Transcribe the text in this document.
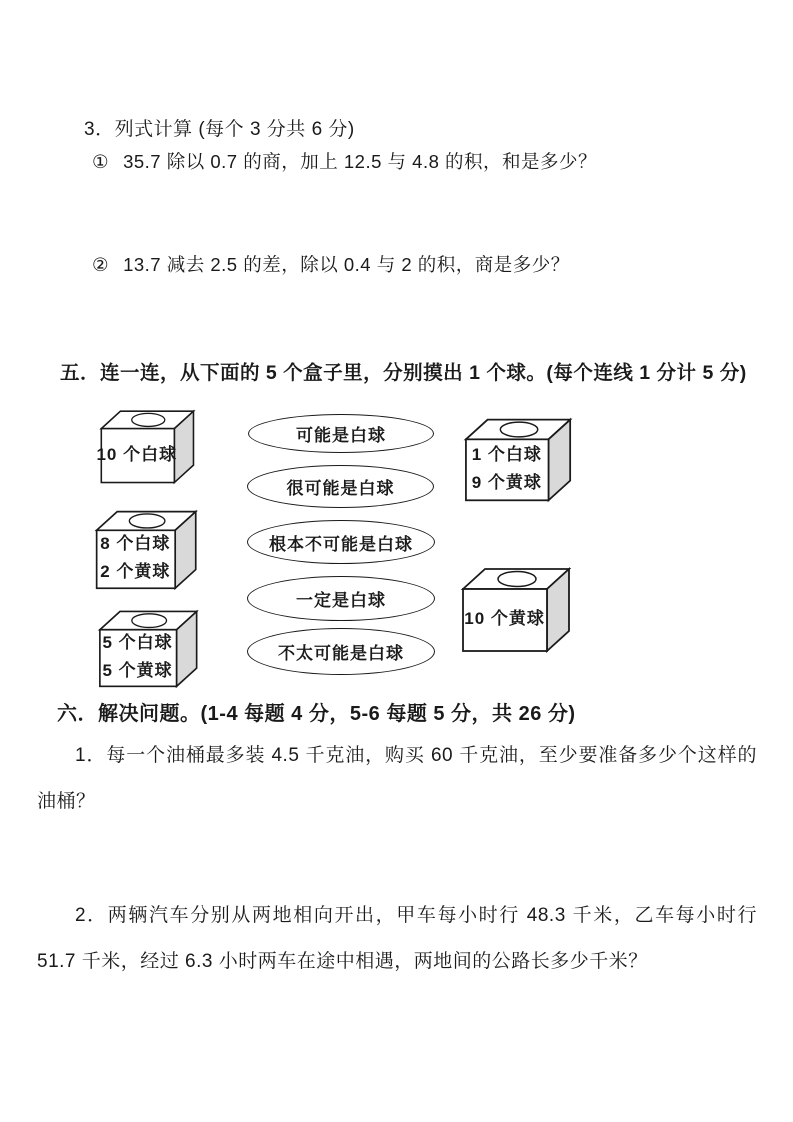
3．列式计算 (每个 3 分共 6 分)
① 35.7 除以 0.7 的商，加上 12.5 与 4.8 的积，和是多少？
② 13.7 减去 2.5 的差，除以 0.4 与 2 的积，商是多少？
五．连一连，从下面的 5 个盒子里，分别摸出 1 个球。(每个连线 1 分计 5 分)
10 个白球
8 个白球
2 个黄球
5 个白球
5 个黄球
1 个白球
9 个黄球
10 个黄球
可能是白球
很可能是白球
根本不可能是白球
一定是白球
不太可能是白球
六．解决问题。(1-4 每题 4 分，5-6 每题 5 分，共 26 分)
1．每一个油桶最多装 4.5 千克油，购买 60 千克油，至少要准备多少个这样的油桶？
2．两辆汽车分别从两地相向开出，甲车每小时行 48.3 千米，乙车每小时行 51.7 千米，经过 6.3 小时两车在途中相遇，两地间的公路长多少千米？
